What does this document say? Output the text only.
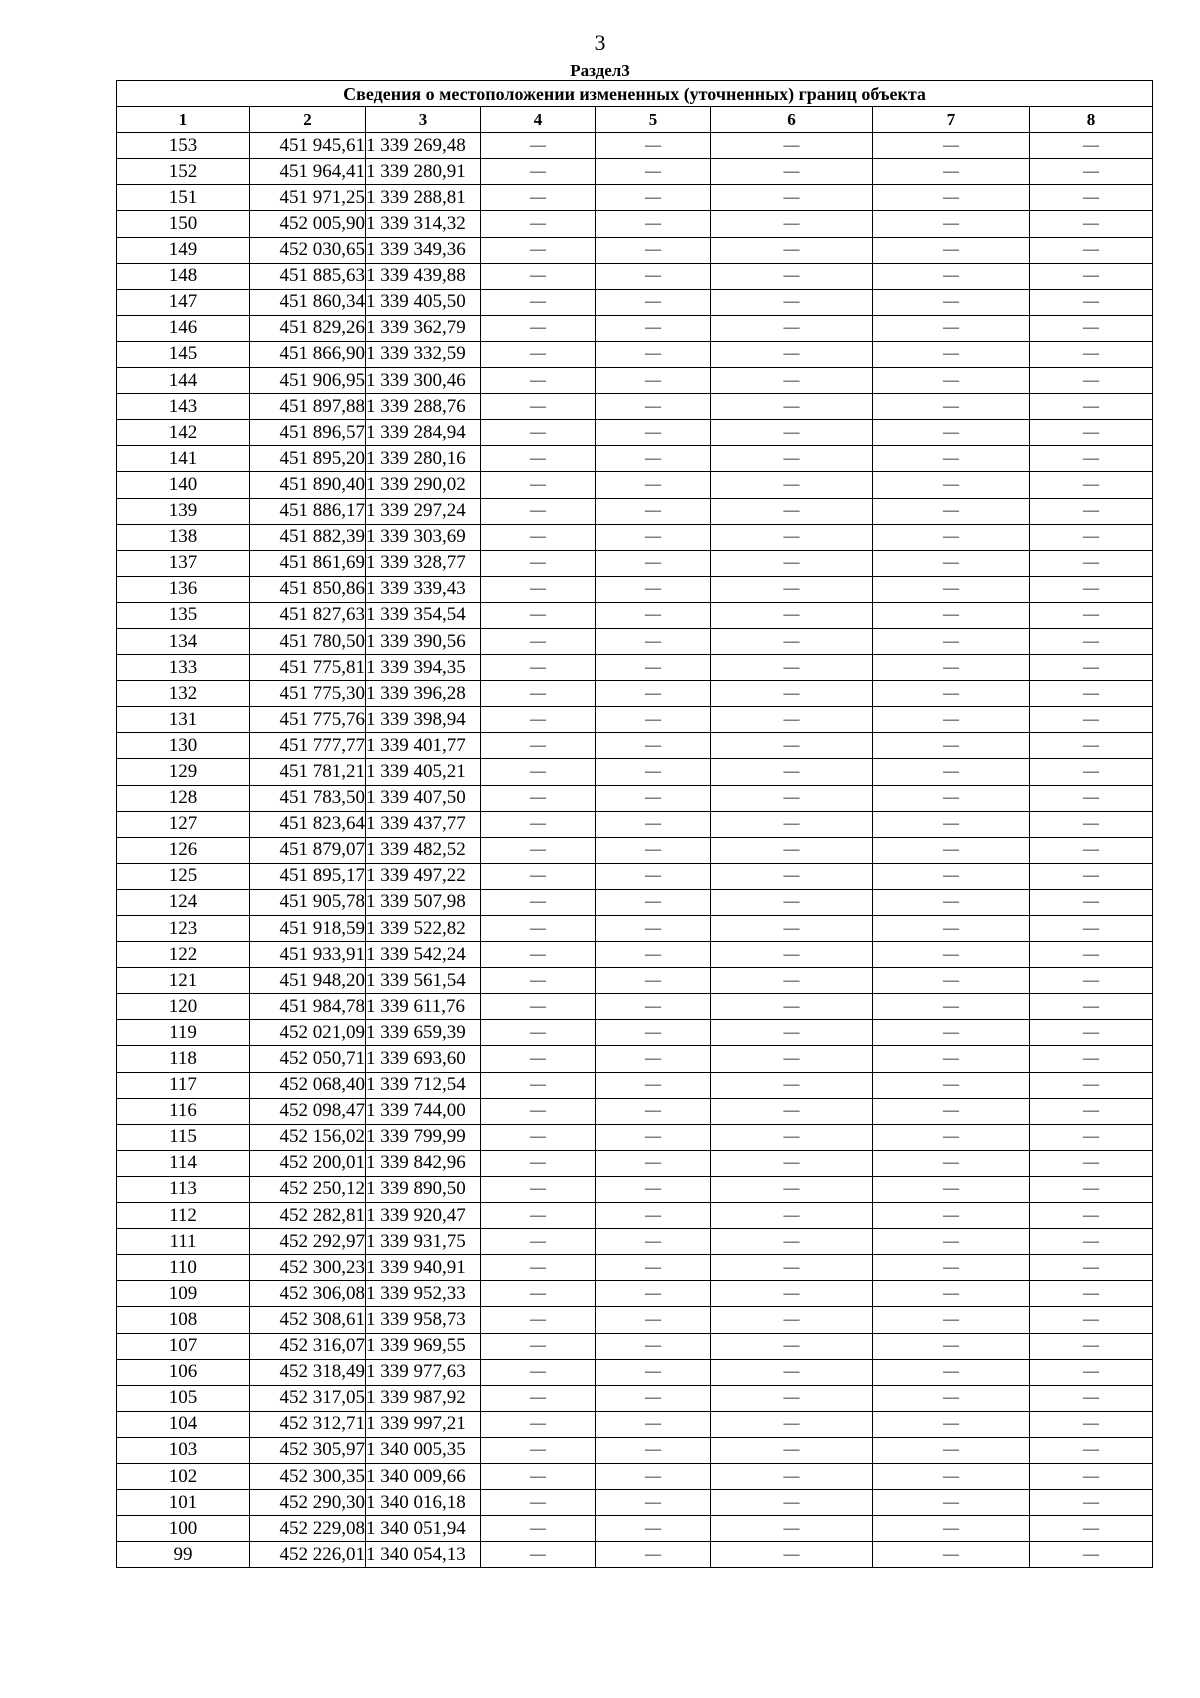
3
Раздел3
Сведения о местоположении измененных (уточненных) границ объекта							
1	2	3	4	5	6	7	8
153	451 945,61	1 339 269,48	—	—	—	—	—
152	451 964,41	1 339 280,91	—	—	—	—	—
151	451 971,25	1 339 288,81	—	—	—	—	—
150	452 005,90	1 339 314,32	—	—	—	—	—
149	452 030,65	1 339 349,36	—	—	—	—	—
148	451 885,63	1 339 439,88	—	—	—	—	—
147	451 860,34	1 339 405,50	—	—	—	—	—
146	451 829,26	1 339 362,79	—	—	—	—	—
145	451 866,90	1 339 332,59	—	—	—	—	—
144	451 906,95	1 339 300,46	—	—	—	—	—
143	451 897,88	1 339 288,76	—	—	—	—	—
142	451 896,57	1 339 284,94	—	—	—	—	—
141	451 895,20	1 339 280,16	—	—	—	—	—
140	451 890,40	1 339 290,02	—	—	—	—	—
139	451 886,17	1 339 297,24	—	—	—	—	—
138	451 882,39	1 339 303,69	—	—	—	—	—
137	451 861,69	1 339 328,77	—	—	—	—	—
136	451 850,86	1 339 339,43	—	—	—	—	—
135	451 827,63	1 339 354,54	—	—	—	—	—
134	451 780,50	1 339 390,56	—	—	—	—	—
133	451 775,81	1 339 394,35	—	—	—	—	—
132	451 775,30	1 339 396,28	—	—	—	—	—
131	451 775,76	1 339 398,94	—	—	—	—	—
130	451 777,77	1 339 401,77	—	—	—	—	—
129	451 781,21	1 339 405,21	—	—	—	—	—
128	451 783,50	1 339 407,50	—	—	—	—	—
127	451 823,64	1 339 437,77	—	—	—	—	—
126	451 879,07	1 339 482,52	—	—	—	—	—
125	451 895,17	1 339 497,22	—	—	—	—	—
124	451 905,78	1 339 507,98	—	—	—	—	—
123	451 918,59	1 339 522,82	—	—	—	—	—
122	451 933,91	1 339 542,24	—	—	—	—	—
121	451 948,20	1 339 561,54	—	—	—	—	—
120	451 984,78	1 339 611,76	—	—	—	—	—
119	452 021,09	1 339 659,39	—	—	—	—	—
118	452 050,71	1 339 693,60	—	—	—	—	—
117	452 068,40	1 339 712,54	—	—	—	—	—
116	452 098,47	1 339 744,00	—	—	—	—	—
115	452 156,02	1 339 799,99	—	—	—	—	—
114	452 200,01	1 339 842,96	—	—	—	—	—
113	452 250,12	1 339 890,50	—	—	—	—	—
112	452 282,81	1 339 920,47	—	—	—	—	—
111	452 292,97	1 339 931,75	—	—	—	—	—
110	452 300,23	1 339 940,91	—	—	—	—	—
109	452 306,08	1 339 952,33	—	—	—	—	—
108	452 308,61	1 339 958,73	—	—	—	—	—
107	452 316,07	1 339 969,55	—	—	—	—	—
106	452 318,49	1 339 977,63	—	—	—	—	—
105	452 317,05	1 339 987,92	—	—	—	—	—
104	452 312,71	1 339 997,21	—	—	—	—	—
103	452 305,97	1 340 005,35	—	—	—	—	—
102	452 300,35	1 340 009,66	—	—	—	—	—
101	452 290,30	1 340 016,18	—	—	—	—	—
100	452 229,08	1 340 051,94	—	—	—	—	—
99	452 226,01	1 340 054,13	—	—	—	—	—
